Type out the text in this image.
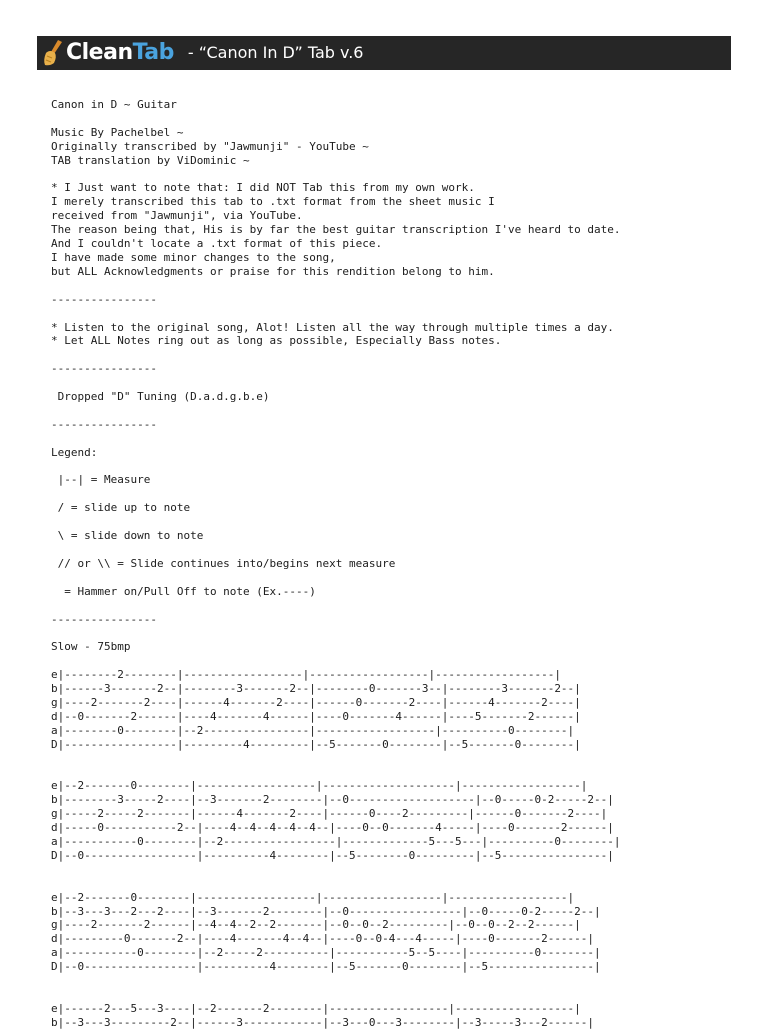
Clean Tab - “Canon In D” Tab v.6
Canon in D ~ Guitar

Music By Pachelbel ~
Originally transcribed by "Jawmunji" - YouTube ~
TAB translation by ViDominic ~

* I Just want to note that: I did NOT Tab this from my own work.
I merely transcribed this tab to .txt format from the sheet music I
received from "Jawmunji", via YouTube.
The reason being that, His is by far the best guitar transcription I've heard to date.
And I couldn't locate a .txt format of this piece.
I have made some minor changes to the song,
but ALL Acknowledgments or praise for this rendition belong to him.

----------------

* Listen to the original song, Alot! Listen all the way through multiple times a day.
* Let ALL Notes ring out as long as possible, Especially Bass notes.

----------------

Dropped "D" Tuning (D.a.d.g.b.e)

----------------

Legend:

|--| = Measure

/ = slide up to note

\ = slide down to note

// or \\ = Slide continues into/begins next measure

= Hammer on/Pull Off to note (Ex.----)

----------------

Slow - 75bmp

e|--------2--------|------------------|------------------|------------------|
b|------3-------2--|--------3-------2--|--------0-------3--|--------3-------2--|
g|----2-------2----|------4-------2----|------0-------2----|------4-------2----|
d|--0-------2------|----4-------4------|----0-------4------|----5-------2------|
a|--------0--------|--2----------------|------------------|----------0--------|
D|-----------------|---------4---------|--5-------0--------|--5-------0--------|

e|--2-------0--------|------------------|--------------------|------------------|
b|--------3-----2----|--3-------2--------|--0-------------------|--0-----0-2-----2--|
g|-----2-----2-------|------4-------2----|------0----2---------|------0-------2----|
d|-----0-----------2--|----4--4--4--4--4--|----0--0-------4-----|----0-------2------|
a|-----------0--------|--2-----------------|-------------5---5---|----------0--------|
D|--0-----------------|----------4--------|--5--------0---------|--5----------------|

e|--2-------0--------|------------------|------------------|------------------|
b|--3---3---2---2----|--3-------2--------|--0-----------------|--0-----0-2-----2--|
g|----2-------2------|--4--4--2--2-------|--0--0--2---------|--0--0--2--2------|
d|---------0-------2--|----4-------4--4--|----0--0-4---4-----|----0-------2------|
a|-----------0--------|--2-----2----------|-----------5--5----|----------0--------|
D|--0-----------------|----------4--------|--5-------0--------|--5----------------|

e|------2---5---3----|--2-------2--------|------------------|------------------|
b|--3---3---------2--|------3------------|--3---0---3--------|--3-----3---2------|
